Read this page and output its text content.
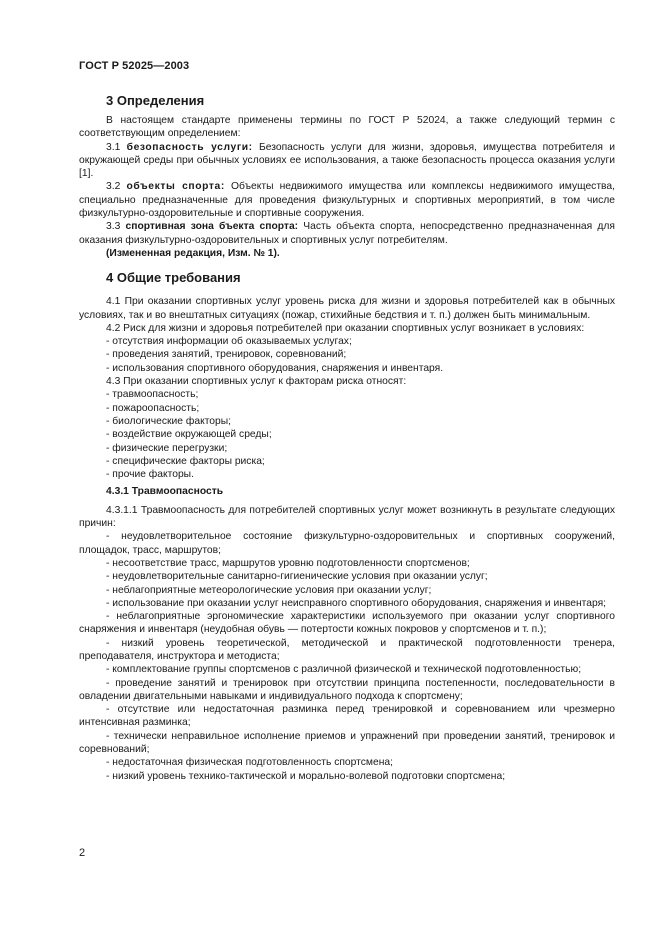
ГОСТ Р 52025—2003
3 Определения

В настоящем стандарте применены термины по ГОСТ Р 52024, а также следующий термин с соответствующим определением:

3.1 безопасность услуги: Безопасность услуги для жизни, здоровья, имущества потребителя и окружающей среды при обычных условиях ее использования, а также безопасность процесса оказания услуги [1].

3.2 объекты спорта: Объекты недвижимого имущества или комплексы недвижимого имущества, специально предназначенные для проведения физкультурных и спортивных мероприятий, в том числе физкультурно-оздоровительные и спортивные сооружения.

3.3 спортивная зона бъекта спорта: Часть объекта спорта, непосредственно предназначенная для оказания физкультурно-оздоровительных и спортивных услуг потребителям.

(Измененная редакция, Изм. № 1).

4 Общие требования

4.1 При оказании спортивных услуг уровень риска для жизни и здоровья потребителей как в обычных условиях, так и во внештатных ситуациях (пожар, стихийные бедствия и т. п.) должен быть минимальным.

4.2 Риск для жизни и здоровья потребителей при оказании спортивных услуг возникает в условиях:

- отсутствия информации об оказываемых услугах;

- проведения занятий, тренировок, соревнований;

- использования спортивного оборудования, снаряжения и инвентаря.

4.3 При оказании спортивных услуг к факторам риска относят:

- травмоопасность;

- пожароопасность;

- биологические факторы;

- воздействие окружающей среды;

- физические перегрузки;

- специфические факторы риска;

- прочие факторы.

4.3.1 Травмоопасность

4.3.1.1 Травмоопасность для потребителей спортивных услуг может возникнуть в результате следующих причин:

- неудовлетворительное состояние физкультурно-оздоровительных и спортивных сооружений, площадок, трасс, маршрутов;

- несоответствие трасс, маршрутов уровню подготовленности спортсменов;

- неудовлетворительные санитарно-гигиенические условия при оказании услуг;

- неблагоприятные метеорологические условия при оказании услуг;

- использование при оказании услуг неисправного спортивного оборудования, снаряжения и инвентаря;

- неблагоприятные эргономические характеристики используемого при оказании услуг спортивного снаряжения и инвентаря (неудобная обувь — потертости кожных покровов у спортсменов и т. п.);

- низкий уровень теоретической, методической и практической подготовленности тренера, преподавателя, инструктора и методиста;

- комплектование группы спортсменов с различной физической и технической подготовленностью;

- проведение занятий и тренировок при отсутствии принципа постепенности, последовательности в овладении двигательными навыками и индивидуального подхода к спортсмену;

- отсутствие или недостаточная разминка перед тренировкой и соревнованием или чрезмерно интенсивная разминка;

- технически неправильное исполнение приемов и упражнений при проведении занятий, тренировок и соревнований;

- недостаточная физическая подготовленность спортсмена;

- низкий уровень технико-тактической и морально-волевой подготовки спортсмена;

2
